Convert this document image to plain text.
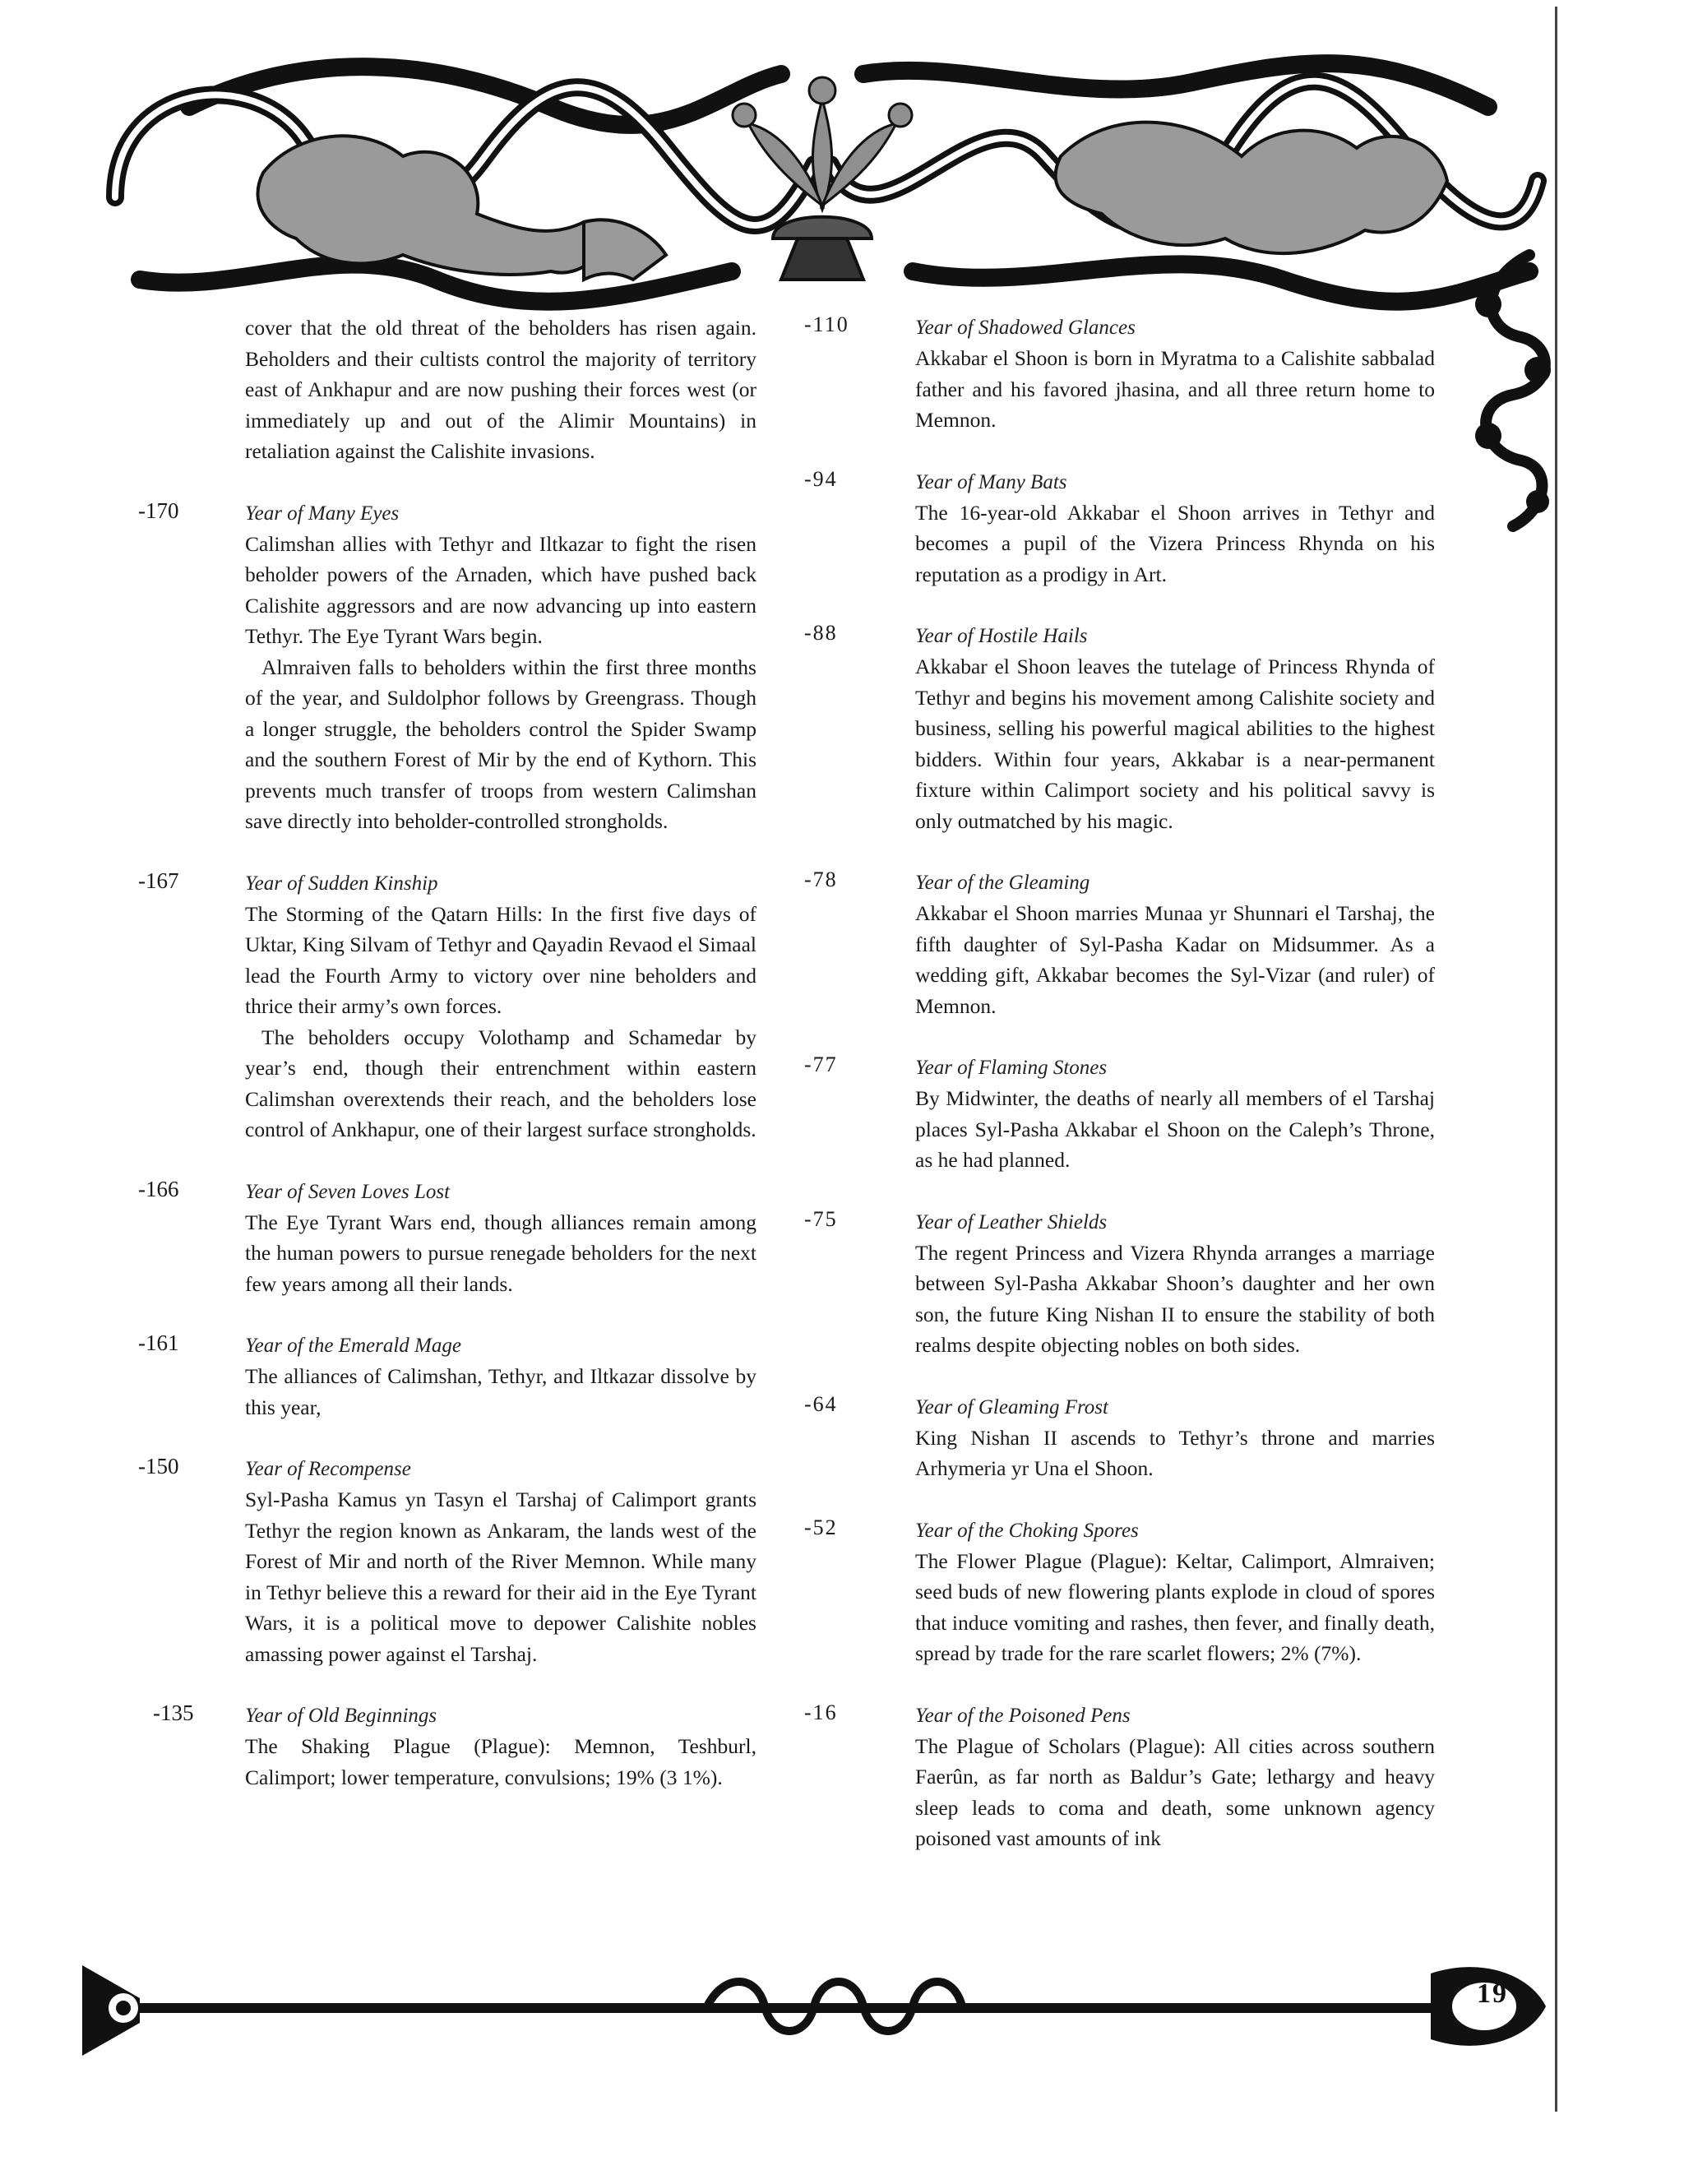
19

cover that the old threat of the beholders has risen again. Beholders and their cultists control the majority of territory east of Ankhapur and are now pushing their forces west (or immediately up and out of the Alimir Mountains) in retaliation against the Calishite invasions.

-170	Year of Many Eyes

Calimshan allies with Tethyr and Iltkazar to fight the risen beholder powers of the Arnaden, which have pushed back Calishite aggressors and are now advancing up into eastern Tethyr. The Eye Tyrant Wars begin.

Almraiven falls to beholders within the first three months of the year, and Suldolphor follows by Greengrass. Though a longer struggle, the beholders control the Spider Swamp and the southern Forest of Mir by the end of Kythorn. This prevents much transfer of troops from western Calimshan save directly into beholder-controlled strongholds.

-167	Year of Sudden Kinship

The Storming of the Qatarn Hills: In the first five days of Uktar, King Silvam of Tethyr and Qayadin Revaod el Simaal lead the Fourth Army to victory over nine beholders and thrice their army’s own forces.

The beholders occupy Volothamp and Schamedar by year’s end, though their entrenchment within eastern Calimshan overextends their reach, and the beholders lose control of Ankhapur, one of their largest surface strongholds.

-166	Year of Seven Loves Lost

The Eye Tyrant Wars end, though alliances remain among the human powers to pursue renegade beholders for the next few years among all their lands.

-161	Year of the Emerald Mage

The alliances of Calimshan, Tethyr, and Iltkazar dissolve by this year,

-150	Year of Recompense

Syl-Pasha Kamus yn Tasyn el Tarshaj of Calimport grants Tethyr the region known as Ankaram, the lands west of the Forest of Mir and north of the River Memnon. While many in Tethyr believe this a reward for their aid in the Eye Tyrant Wars, it is a political move to depower Calishite nobles amassing power against el Tarshaj.

-135	Year of Old Beginnings

The Shaking Plague (Plague): Memnon, Teshburl, Calimport; lower temperature, convulsions; 19% (3 1%).

-110	Year of Shadowed Glances

Akkabar el Shoon is born in Myratma to a Calishite sabbalad father and his favored jhasina, and all three return home to Memnon.

-94	Year of Many Bats

The 16-year-old Akkabar el Shoon arrives in Tethyr and becomes a pupil of the Vizera Princess Rhynda on his reputation as a prodigy in Art.

-88	Year of Hostile Hails

Akkabar el Shoon leaves the tutelage of Princess Rhynda of Tethyr and begins his movement among Calishite society and business, selling his powerful magical abilities to the highest bidders. Within four years, Akkabar is a near-permanent fixture within Calimport society and his political savvy is only outmatched by his magic.

-78	Year of the Gleaming

Akkabar el Shoon marries Munaa yr Shunnari el Tarshaj, the fifth daughter of Syl-Pasha Kadar on Midsummer. As a wedding gift, Akkabar becomes the Syl-Vizar (and ruler) of Memnon.

-77	Year of Flaming Stones

By Midwinter, the deaths of nearly all members of el Tarshaj places Syl-Pasha Akkabar el Shoon on the Caleph’s Throne, as he had planned.

-75	Year of Leather Shields

The regent Princess and Vizera Rhynda arranges a marriage between Syl-Pasha Akkabar Shoon’s daughter and her own son, the future King Nishan II to ensure the stability of both realms despite objecting nobles on both sides.

-64	Year of Gleaming Frost

King Nishan II ascends to Tethyr’s throne and marries Arhymeria yr Una el Shoon.

-52	Year of the Choking Spores

The Flower Plague (Plague): Keltar, Calimport, Almraiven; seed buds of new flowering plants explode in cloud of spores that induce vomiting and rashes, then fever, and finally death, spread by trade for the rare scarlet flowers; 2% (7%).

-16	Year of the Poisoned Pens

The Plague of Scholars (Plague): All cities across southern Faerûn, as far north as Baldur’s Gate; lethargy and heavy sleep leads to coma and death, some unknown agency poisoned vast amounts of ink
